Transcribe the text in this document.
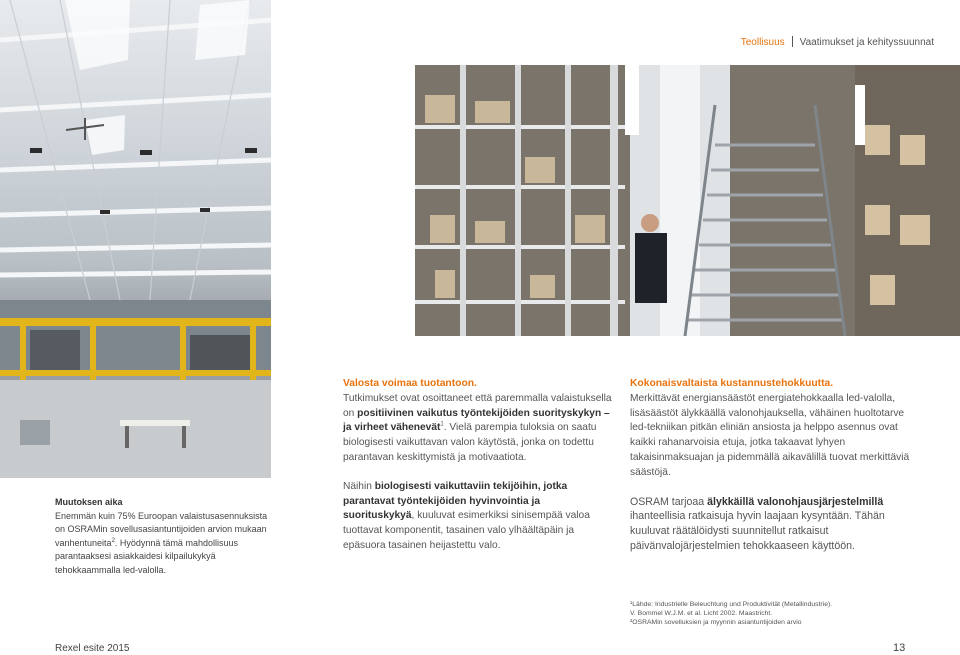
Teollisuus Vaatimukset ja kehityssuunnat
Muutoksen aika
Enemmän kuin 75% Euroopan valaistusasennuksista on OSRAMin sovellusasiantuntijoiden arvion mukaan vanhentuneita$^2$. Hyödynnä tämä mahdollisuus parantaaksesi asiakkaidesi kilpailukykyä tehokkaammalla led-valolla.
Valosta voimaa tuotantoon.

Tutkimukset ovat osoittaneet että paremmalla valaistuksella on positiivinen vaikutus työntekijöiden suorityskykyn – ja virheet vähenevät$^1$. Vielä parempia tuloksia on saatu biologisesti vaikuttavan valon käytöstä, jonka on todettu parantavan keskittymistä ja motivaatiota.

Näihin biologisesti vaikuttaviin tekijöihin, jotka parantavat työntekijöiden hyvinvointia ja suorituskykyä, kuuluvat esimerkiksi sinisempää valoa tuottavat komponentit, tasainen valo ylhäältäpäin ja epäsuora tasainen heijastettu valo.

Kokonaisvaltaista kustannustehokkuutta.

Merkittävät energiansäästöt energiatehokkaalla led-valolla, lisäsäästöt älykkäällä valonohjauksella, vähäinen huoltotarve led-tekniikan pitkän eliniän ansiosta ja helppo asennus ovat kaikki rahanarvoisia etuja, jotka takaavat lyhyen takaisinmaksuajan ja pidemmällä aikavälillä tuovat merkittäviä säästöjä.

OSRAM tarjoaa älykkäillä valonohjausjärjestelmillä ihanteellisia ratkaisuja hyvin laajaan kysyntään. Tähän kuuluvat räätälöidysti suunnitellut ratkaisut päivänvalojärjestelmien tehokkaaseen käyttöön.

¹Lähde: Industrielle Beleuchtung und Produktivität (Metallindustrie).
V. Bommel W.J.M. et al. Licht 2002. Maastricht.
²OSRAMin sovelluksien ja myynnin asiantuntijoiden arvio
Rexel esite 2015	13
